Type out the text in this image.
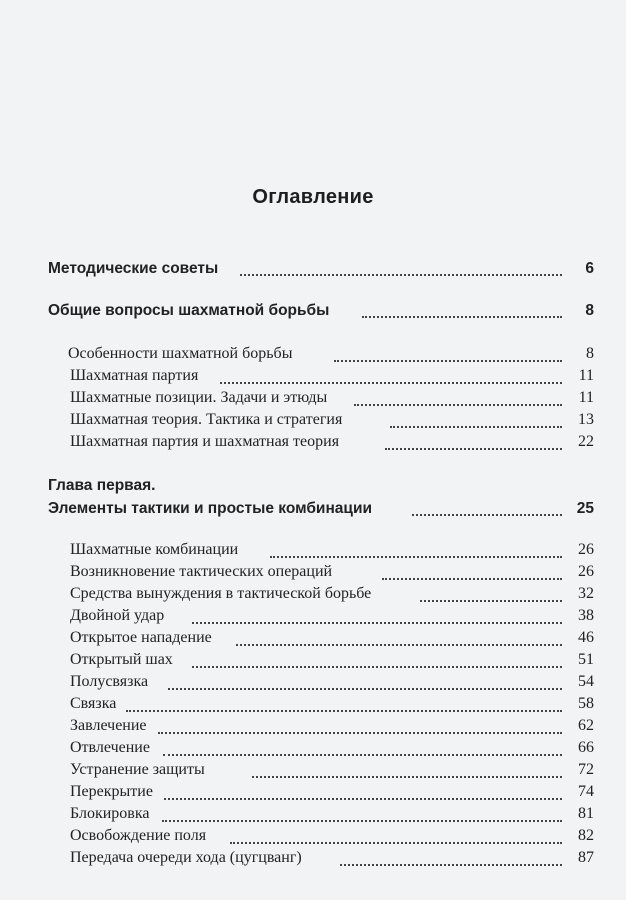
Оглавление
Методические советы	6
Общие вопросы шахматной борьбы	8
Особенности шахматной борьбы	8
Шахматная партия	11
Шахматные позиции. Задачи и этюды	11
Шахматная теория. Тактика и стратегия	13
Шахматная партия и шахматная теория	22
Глава первая.
Элементы тактики и простые комбинации	25
Шахматные комбинации	26
Возникновение тактических операций	26
Средства вынуждения в тактической борьбе	32
Двойной удар	38
Открытое нападение	46
Открытый шах	51
Полусвязка	54
Связка	58
Завлечение	62
Отвлечение	66
Устранение защиты	72
Перекрытие	74
Блокировка	81
Освобождение поля	82
Передача очереди хода (цугцванг)	87
